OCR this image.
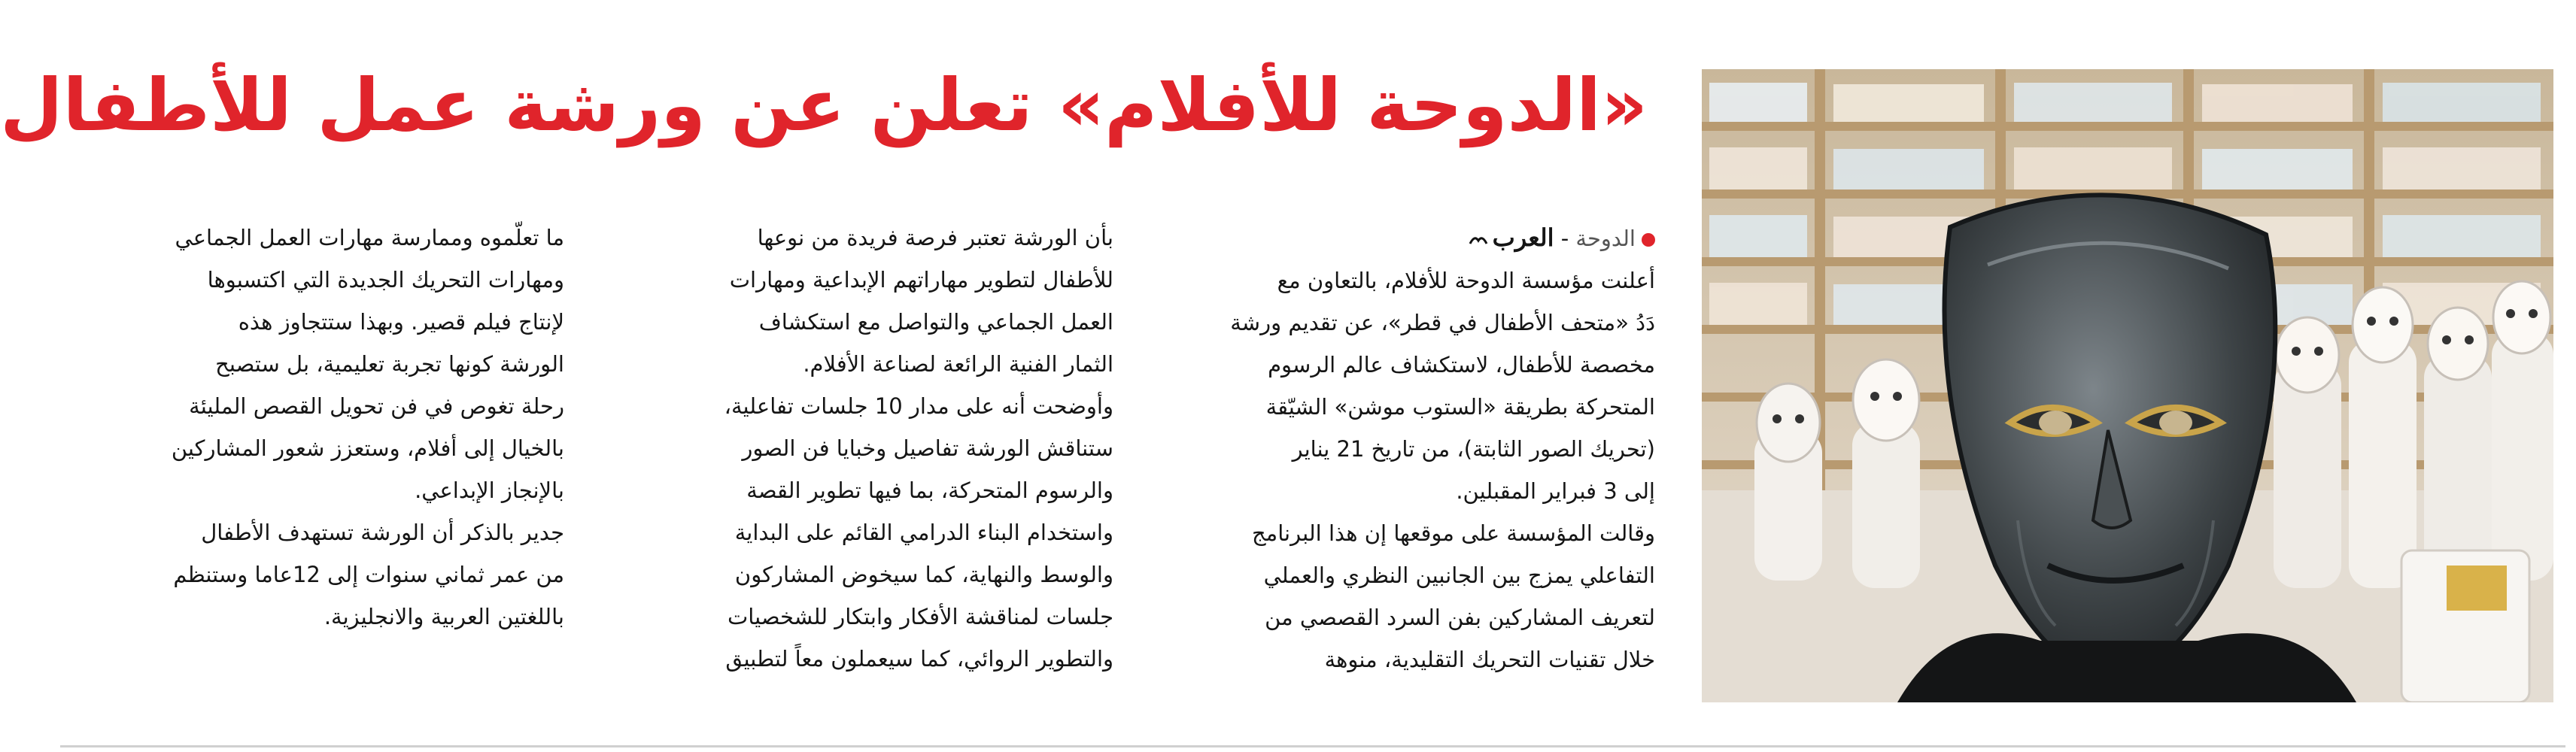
«الدوحة للأفلام» تعلن عن ورشة عمل للأطفال
الدوحة - العرب

أعلنت مؤسسة الدوحة للأفلام، بالتعاون مع

دَدُ «متحف الأطفال في قطر»، عن تقديم ورشة

مخصصة للأطفال، لاستكشاف عالم الرسوم

المتحركة بطريقة «الستوب موشن» الشيّقة

(تحريك الصور الثابتة)، من تاريخ 21 يناير

إلى 3 فبراير المقبلين.

وقالت المؤسسة على موقعها إن هذا البرنامج

التفاعلي يمزج بين الجانبين النظري والعملي

لتعريف المشاركين بفن السرد القصصي من

خلال تقنيات التحريك التقليدية، منوهة

بأن الورشة تعتبر فرصة فريدة من نوعها

للأطفال لتطوير مهاراتهم الإبداعية ومهارات

العمل الجماعي والتواصل مع استكشاف

الثمار الفنية الرائعة لصناعة الأفلام.

وأوضحت أنه على مدار 10 جلسات تفاعلية،

ستناقش الورشة تفاصيل وخبايا فن الصور

والرسوم المتحركة، بما فيها تطوير القصة

واستخدام البناء الدرامي القائم على البداية

والوسط والنهاية، كما سيخوض المشاركون

جلسات لمناقشة الأفكار وابتكار للشخصيات

والتطوير الروائي، كما سيعملون معاً لتطبيق

ما تعلّموه وممارسة مهارات العمل الجماعي

ومهارات التحريك الجديدة التي اكتسبوها

لإنتاج فيلم قصير. وبهذا ستتجاوز هذه

الورشة كونها تجربة تعليمية، بل ستصبح

رحلة تغوص في فن تحويل القصص المليئة

بالخيال إلى أفلام، وستعزز شعور المشاركين

بالإنجاز الإبداعي.

جدير بالذكر أن الورشة تستهدف الأطفال

من عمر ثماني سنوات إلى 12عاما وستنظم

باللغتين العربية والانجليزية.
